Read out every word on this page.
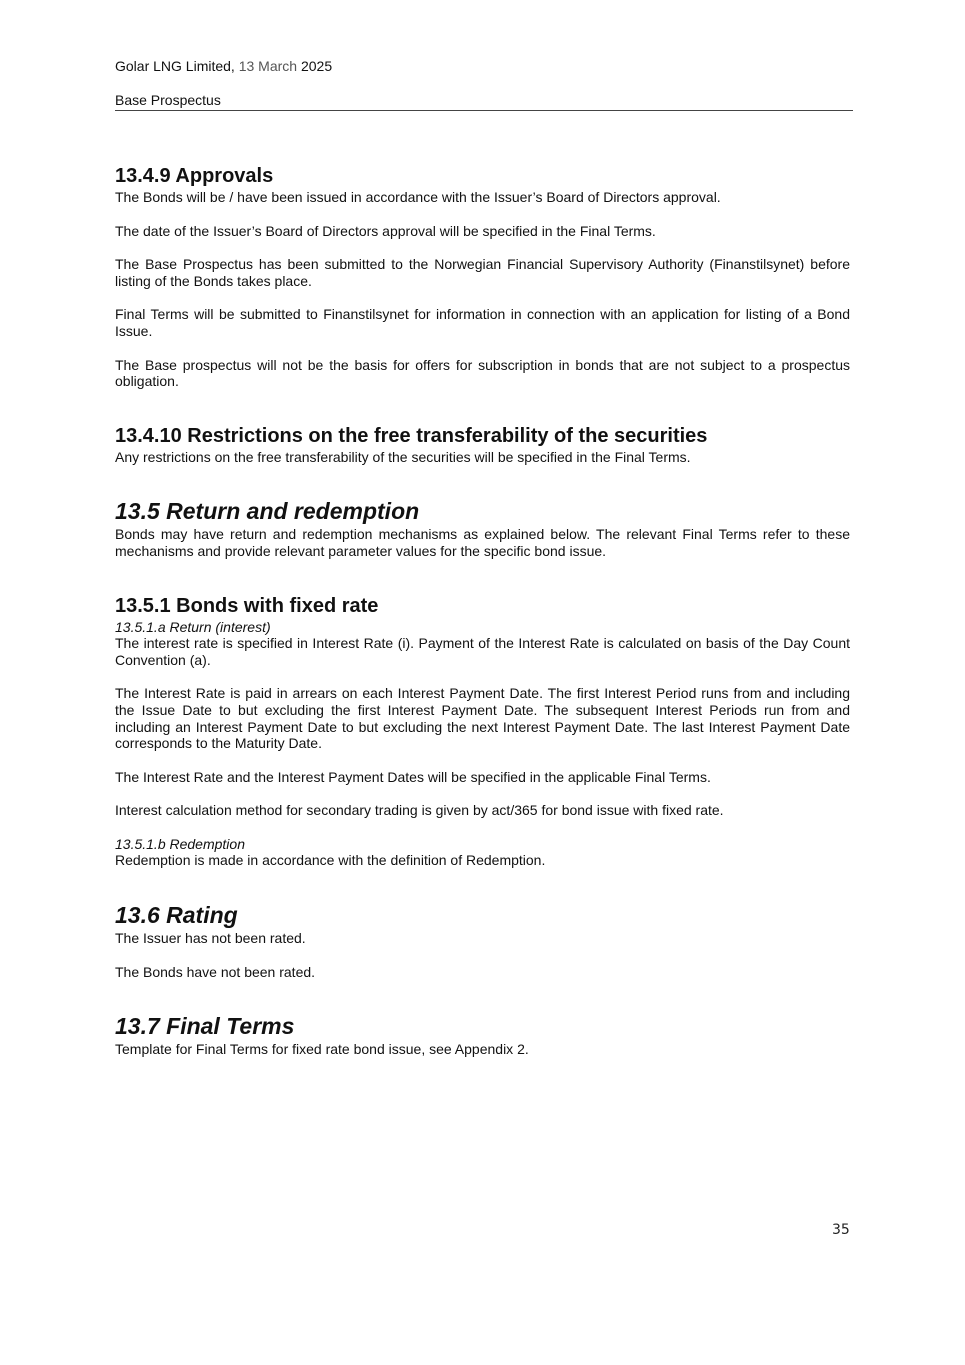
Golar LNG Limited, 13 March 2025

Base Prospectus

13.4.9 Approvals

The Bonds will be / have been issued in accordance with the Issuer’s Board of Directors approval.

The date of the Issuer’s Board of Directors approval will be specified in the Final Terms.

The Base Prospectus has been submitted to the Norwegian Financial Supervisory Authority (Finanstilsynet) before listing of the Bonds takes place.

Final Terms will be submitted to Finanstilsynet for information in connection with an application for listing of a Bond Issue.

The Base prospectus will not be the basis for offers for subscription in bonds that are not subject to a prospectus obligation.

13.4.10 Restrictions on the free transferability of the securities

Any restrictions on the free transferability of the securities will be specified in the Final Terms.

13.5 Return and redemption

Bonds may have return and redemption mechanisms as explained below. The relevant Final Terms refer to these mechanisms and provide relevant parameter values for the specific bond issue.

13.5.1 Bonds with fixed rate

13.5.1.a Return (interest)

The interest rate is specified in Interest Rate (i). Payment of the Interest Rate is calculated on basis of the Day Count Convention (a).

The Interest Rate is paid in arrears on each Interest Payment Date. The first Interest Period runs from and including the Issue Date to but excluding the first Interest Payment Date. The subsequent Interest Periods run from and including an Interest Payment Date to but excluding the next Interest Payment Date. The last Interest Payment Date corresponds to the Maturity Date.

The Interest Rate and the Interest Payment Dates will be specified in the applicable Final Terms.

Interest calculation method for secondary trading is given by act/365 for bond issue with fixed rate.

13.5.1.b Redemption

Redemption is made in accordance with the definition of Redemption.

13.6 Rating

The Issuer has not been rated.

The Bonds have not been rated.

13.7 Final Terms

Template for Final Terms for fixed rate bond issue, see Appendix 2.

35
